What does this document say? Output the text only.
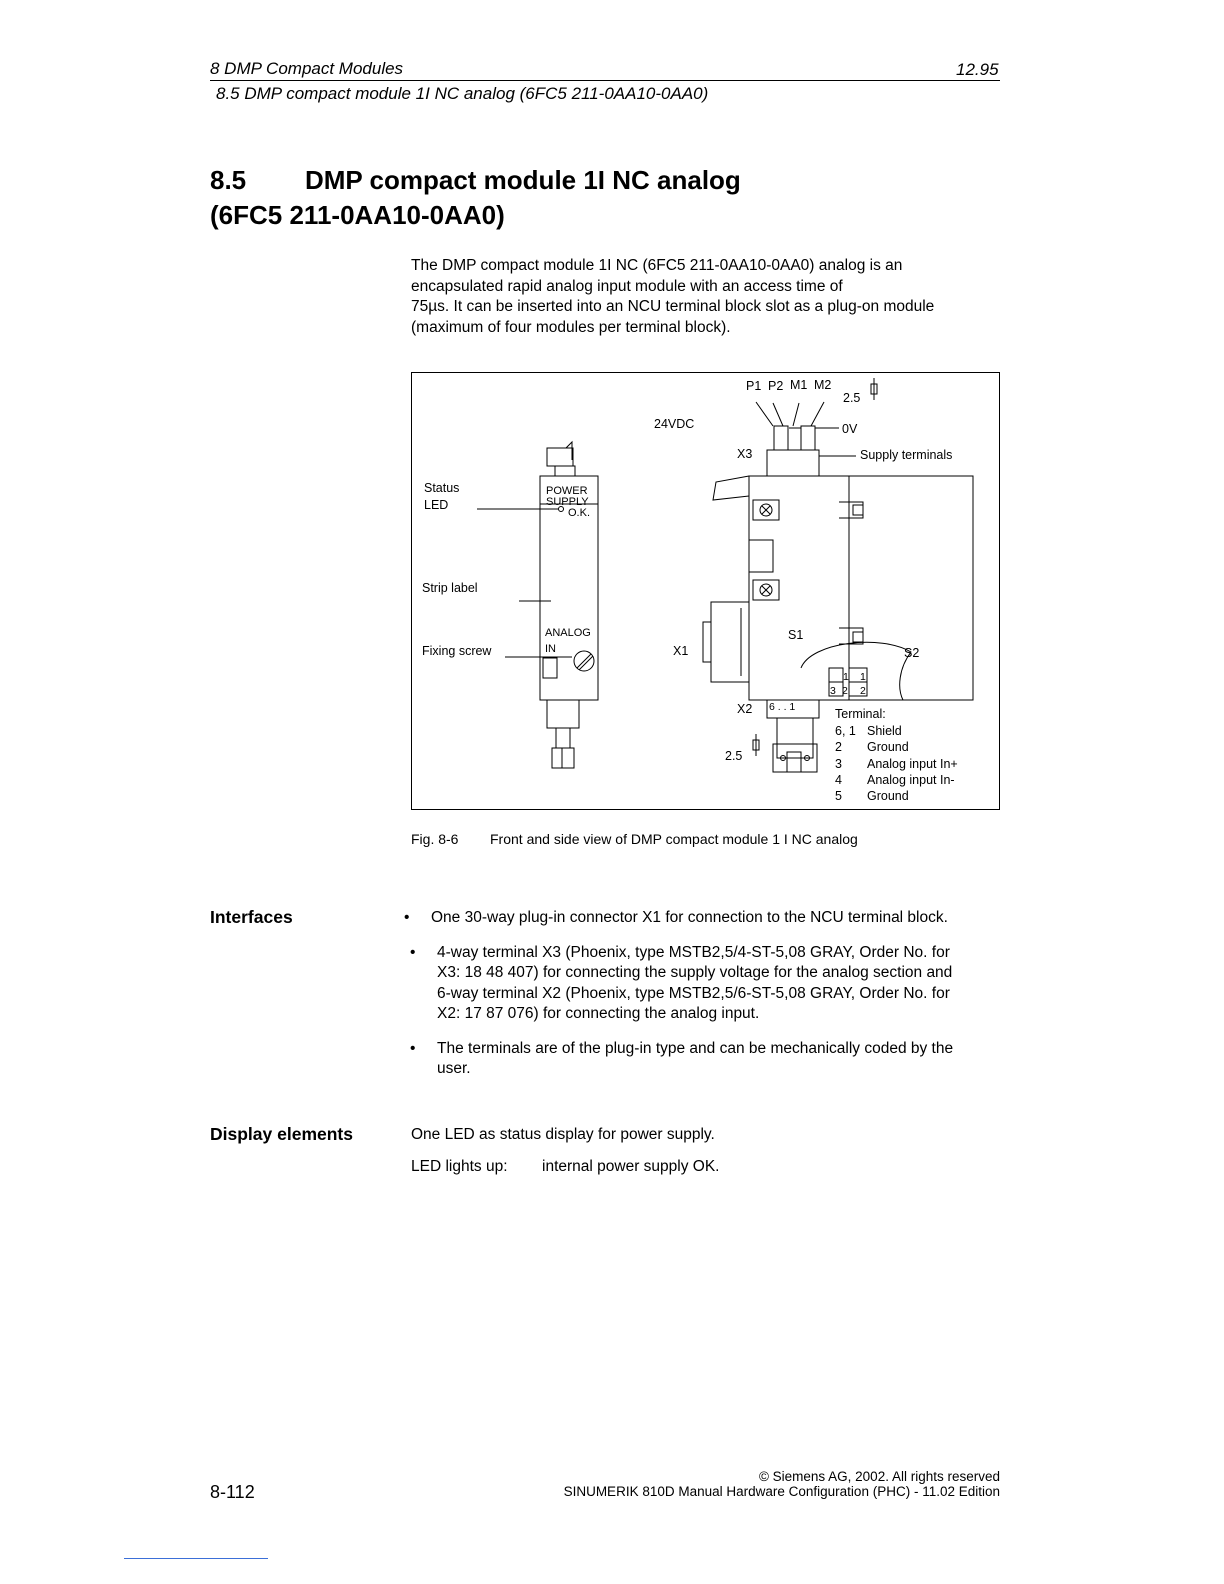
8 DMP Compact Modules	12.95
8.5 DMP compact module 1I NC analog (6FC5 211-0AA10-0AA0)
8.5 DMP compact module 1I NC analog
(6FC5 211-0AA10-0AA0)
The DMP compact module 1I NC (6FC5 211-0AA10-0AA0) analog is an
encapsulated rapid analog input module with an access time of
75µs. It can be inserted into an NCU terminal block slot as a plug-on module
(maximum of four modules per terminal block).
Status
LED
POWER
SUPPLY
O.K.
Strip label
Fixing screw
ANALOG
IN
P1 P2 M1 M2
2.5
24VDC	0V
X3	Supply terminals
X1
S1
S2
1 1
3 2 2
X2 6 . . 1
2.5
Terminal:
6, 1 Shield
2 Ground
3 Analog input In+
4 Analog input In-
5 Ground
Fig. 8-6 Front and side view of DMP compact module 1 I NC analog
Interfaces	• One 30-way plug-in connector X1 for connection to the NCU terminal block.
• 4-way terminal X3 (Phoenix, type MSTB2,5/4-ST-5,08 GRAY, Order No. for
X3: 18 48 407) for connecting the supply voltage for the analog section and
6-way terminal X2 (Phoenix, type MSTB2,5/6-ST-5,08 GRAY, Order No. for
X2: 17 87 076) for connecting the analog input.
• The terminals are of the plug-in type and can be mechanically coded by the
user.
Display elements	One LED as status display for power supply.
LED lights up: internal power supply OK.
8-112
© Siemens AG, 2002. All rights reserved
SINUMERIK 810D Manual Hardware Configuration (PHC) - 11.02 Edition
